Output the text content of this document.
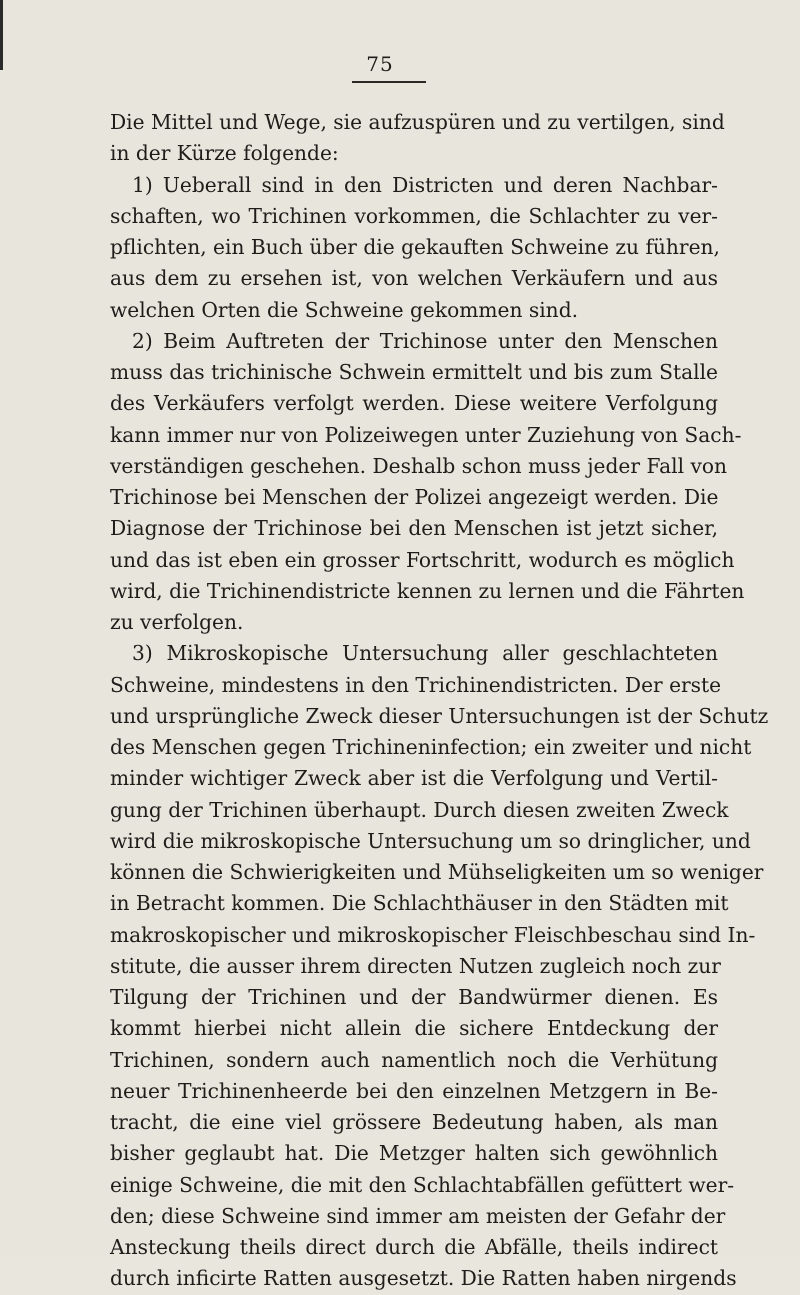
75
Die Mittel und Wege, sie aufzuspüren und zu vertilgen, sind
in der Kürze folgende:
1) Ueberall sind in den Districten und deren Nachbar-
schaften, wo Trichinen vorkommen, die Schlachter zu ver-
pflichten, ein Buch über die gekauften Schweine zu führen,
aus dem zu ersehen ist, von welchen Verkäufern und aus
welchen Orten die Schweine gekommen sind.
2) Beim Auftreten der Trichinose unter den Menschen
muss das trichinische Schwein ermittelt und bis zum Stalle
des Verkäufers verfolgt werden. Diese weitere Verfolgung
kann immer nur von Polizeiwegen unter Zuziehung von Sach-
verständigen geschehen. Deshalb schon muss jeder Fall von
Trichinose bei Menschen der Polizei angezeigt werden. Die
Diagnose der Trichinose bei den Menschen ist jetzt sicher,
und das ist eben ein grosser Fortschritt, wodurch es möglich
wird, die Trichinendistricte kennen zu lernen und die Fährten
zu verfolgen.
3) Mikroskopische Untersuchung aller geschlachteten
Schweine, mindestens in den Trichinendistricten. Der erste
und ursprüngliche Zweck dieser Untersuchungen ist der Schutz
des Menschen gegen Trichineninfection; ein zweiter und nicht
minder wichtiger Zweck aber ist die Verfolgung und Vertil-
gung der Trichinen überhaupt. Durch diesen zweiten Zweck
wird die mikroskopische Untersuchung um so dringlicher, und
können die Schwierigkeiten und Mühseligkeiten um so weniger
in Betracht kommen. Die Schlachthäuser in den Städten mit
makroskopischer und mikroskopischer Fleischbeschau sind In-
stitute, die ausser ihrem directen Nutzen zugleich noch zur
Tilgung der Trichinen und der Bandwürmer dienen. Es
kommt hierbei nicht allein die sichere Entdeckung der
Trichinen, sondern auch namentlich noch die Verhütung
neuer Trichinenheerde bei den einzelnen Metzgern in Be-
tracht, die eine viel grössere Bedeutung haben, als man
bisher geglaubt hat. Die Metzger halten sich gewöhnlich
einige Schweine, die mit den Schlachtabfällen gefüttert wer-
den; diese Schweine sind immer am meisten der Gefahr der
Ansteckung theils direct durch die Abfälle, theils indirect
durch inficirte Ratten ausgesetzt. Die Ratten haben nirgends
